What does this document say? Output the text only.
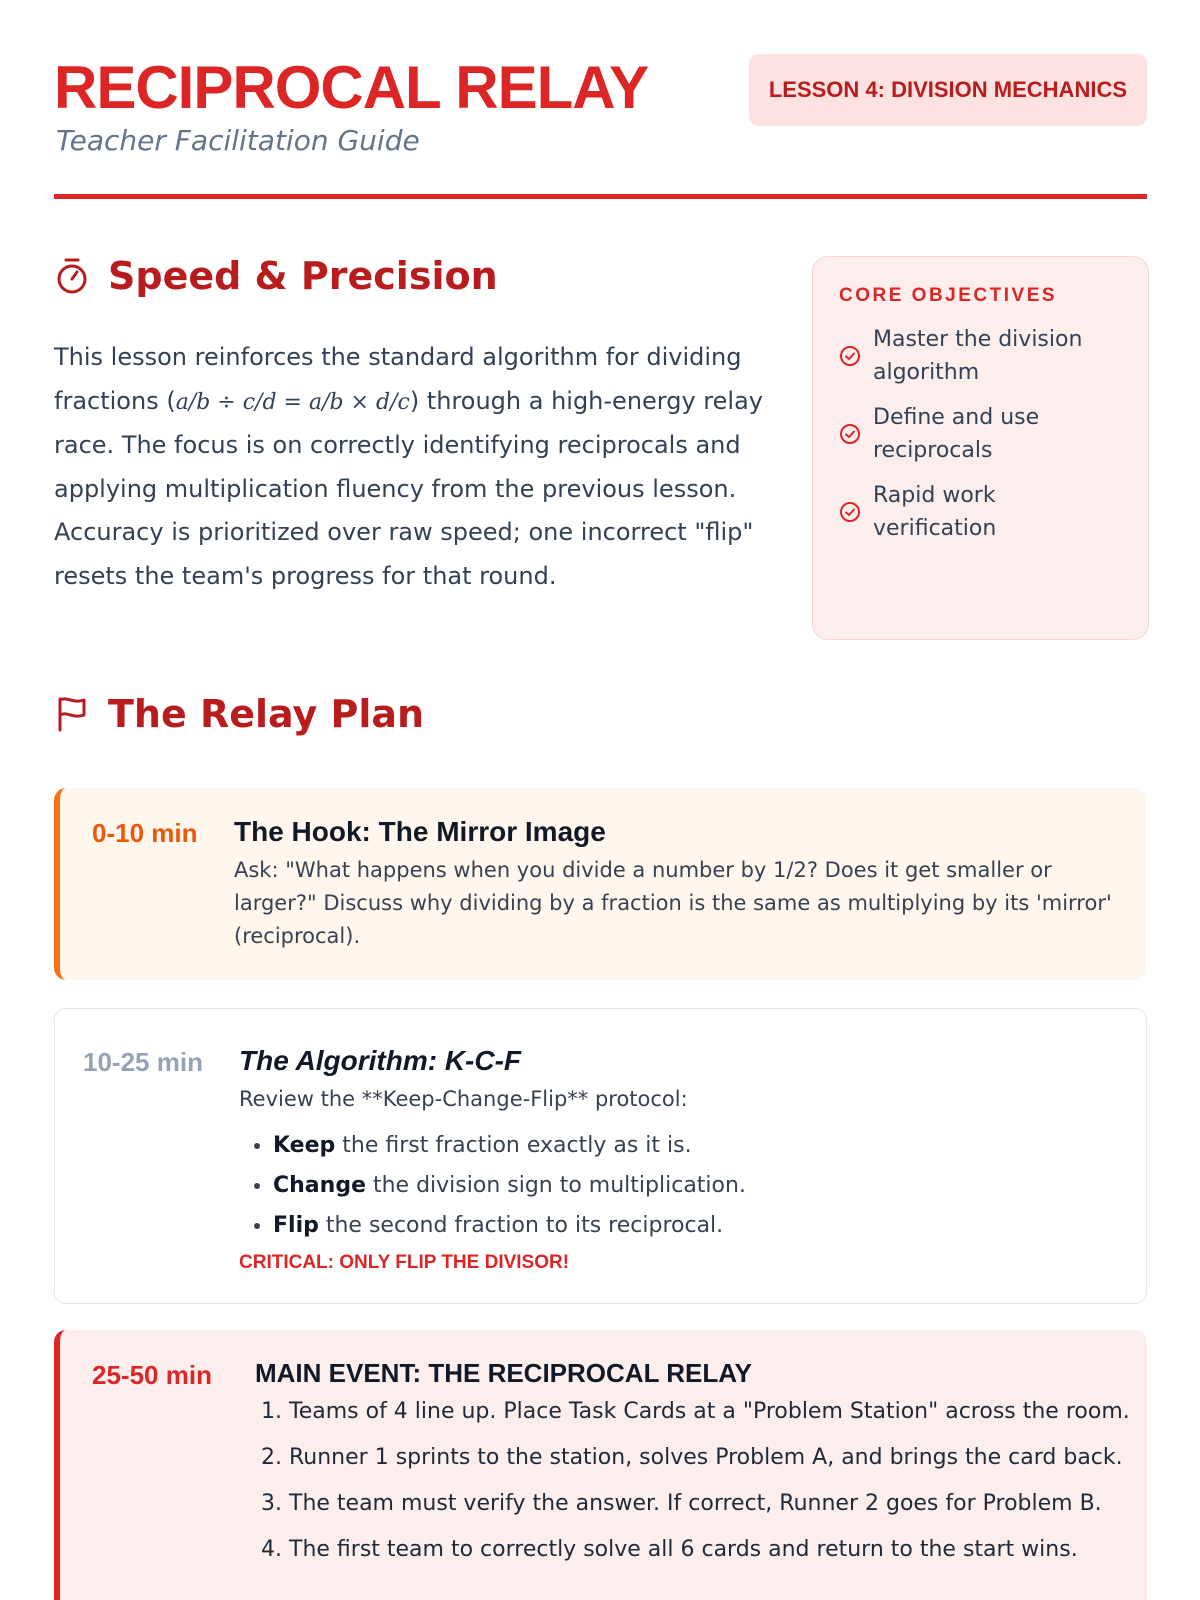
RECIPROCAL RELAY
Teacher Facilitation Guide
LESSON 4: DIVISION MECHANICS
Speed & Precision

This lesson reinforces the standard algorithm for dividing fractions (a/b ÷ c/d = a/b × d/c) through a high-energy relay race. The focus is on correctly identifying reciprocals and applying multiplication fluency from the previous lesson. Accuracy is prioritized over raw speed; one incorrect "flip" resets the team's progress for that round.

CORE OBJECTIVES
Master the division algorithm
Define and use reciprocals
Rapid work verification
The Relay Plan
0-10 min The Hook: The Mirror Image
Ask: "What happens when you divide a number by 1/2? Does it get smaller or larger?" Discuss why dividing by a fraction is the same as multiplying by its 'mirror' (reciprocal).
10-25 min The Algorithm: K-C-F
Review the **Keep-Change-Flip** protocol:
• Keep the first fraction exactly as it is.
• Change the division sign to multiplication.
• Flip the second fraction to its reciprocal.
CRITICAL: ONLY FLIP THE DIVISOR!
25-50 min MAIN EVENT: THE RECIPROCAL RELAY
1. Teams of 4 line up. Place Task Cards at a "Problem Station" across the room.
2. Runner 1 sprints to the station, solves Problem A, and brings the card back.
3. The team must verify the answer. If correct, Runner 2 goes for Problem B.
4. The first team to correctly solve all 6 cards and return to the start wins.
